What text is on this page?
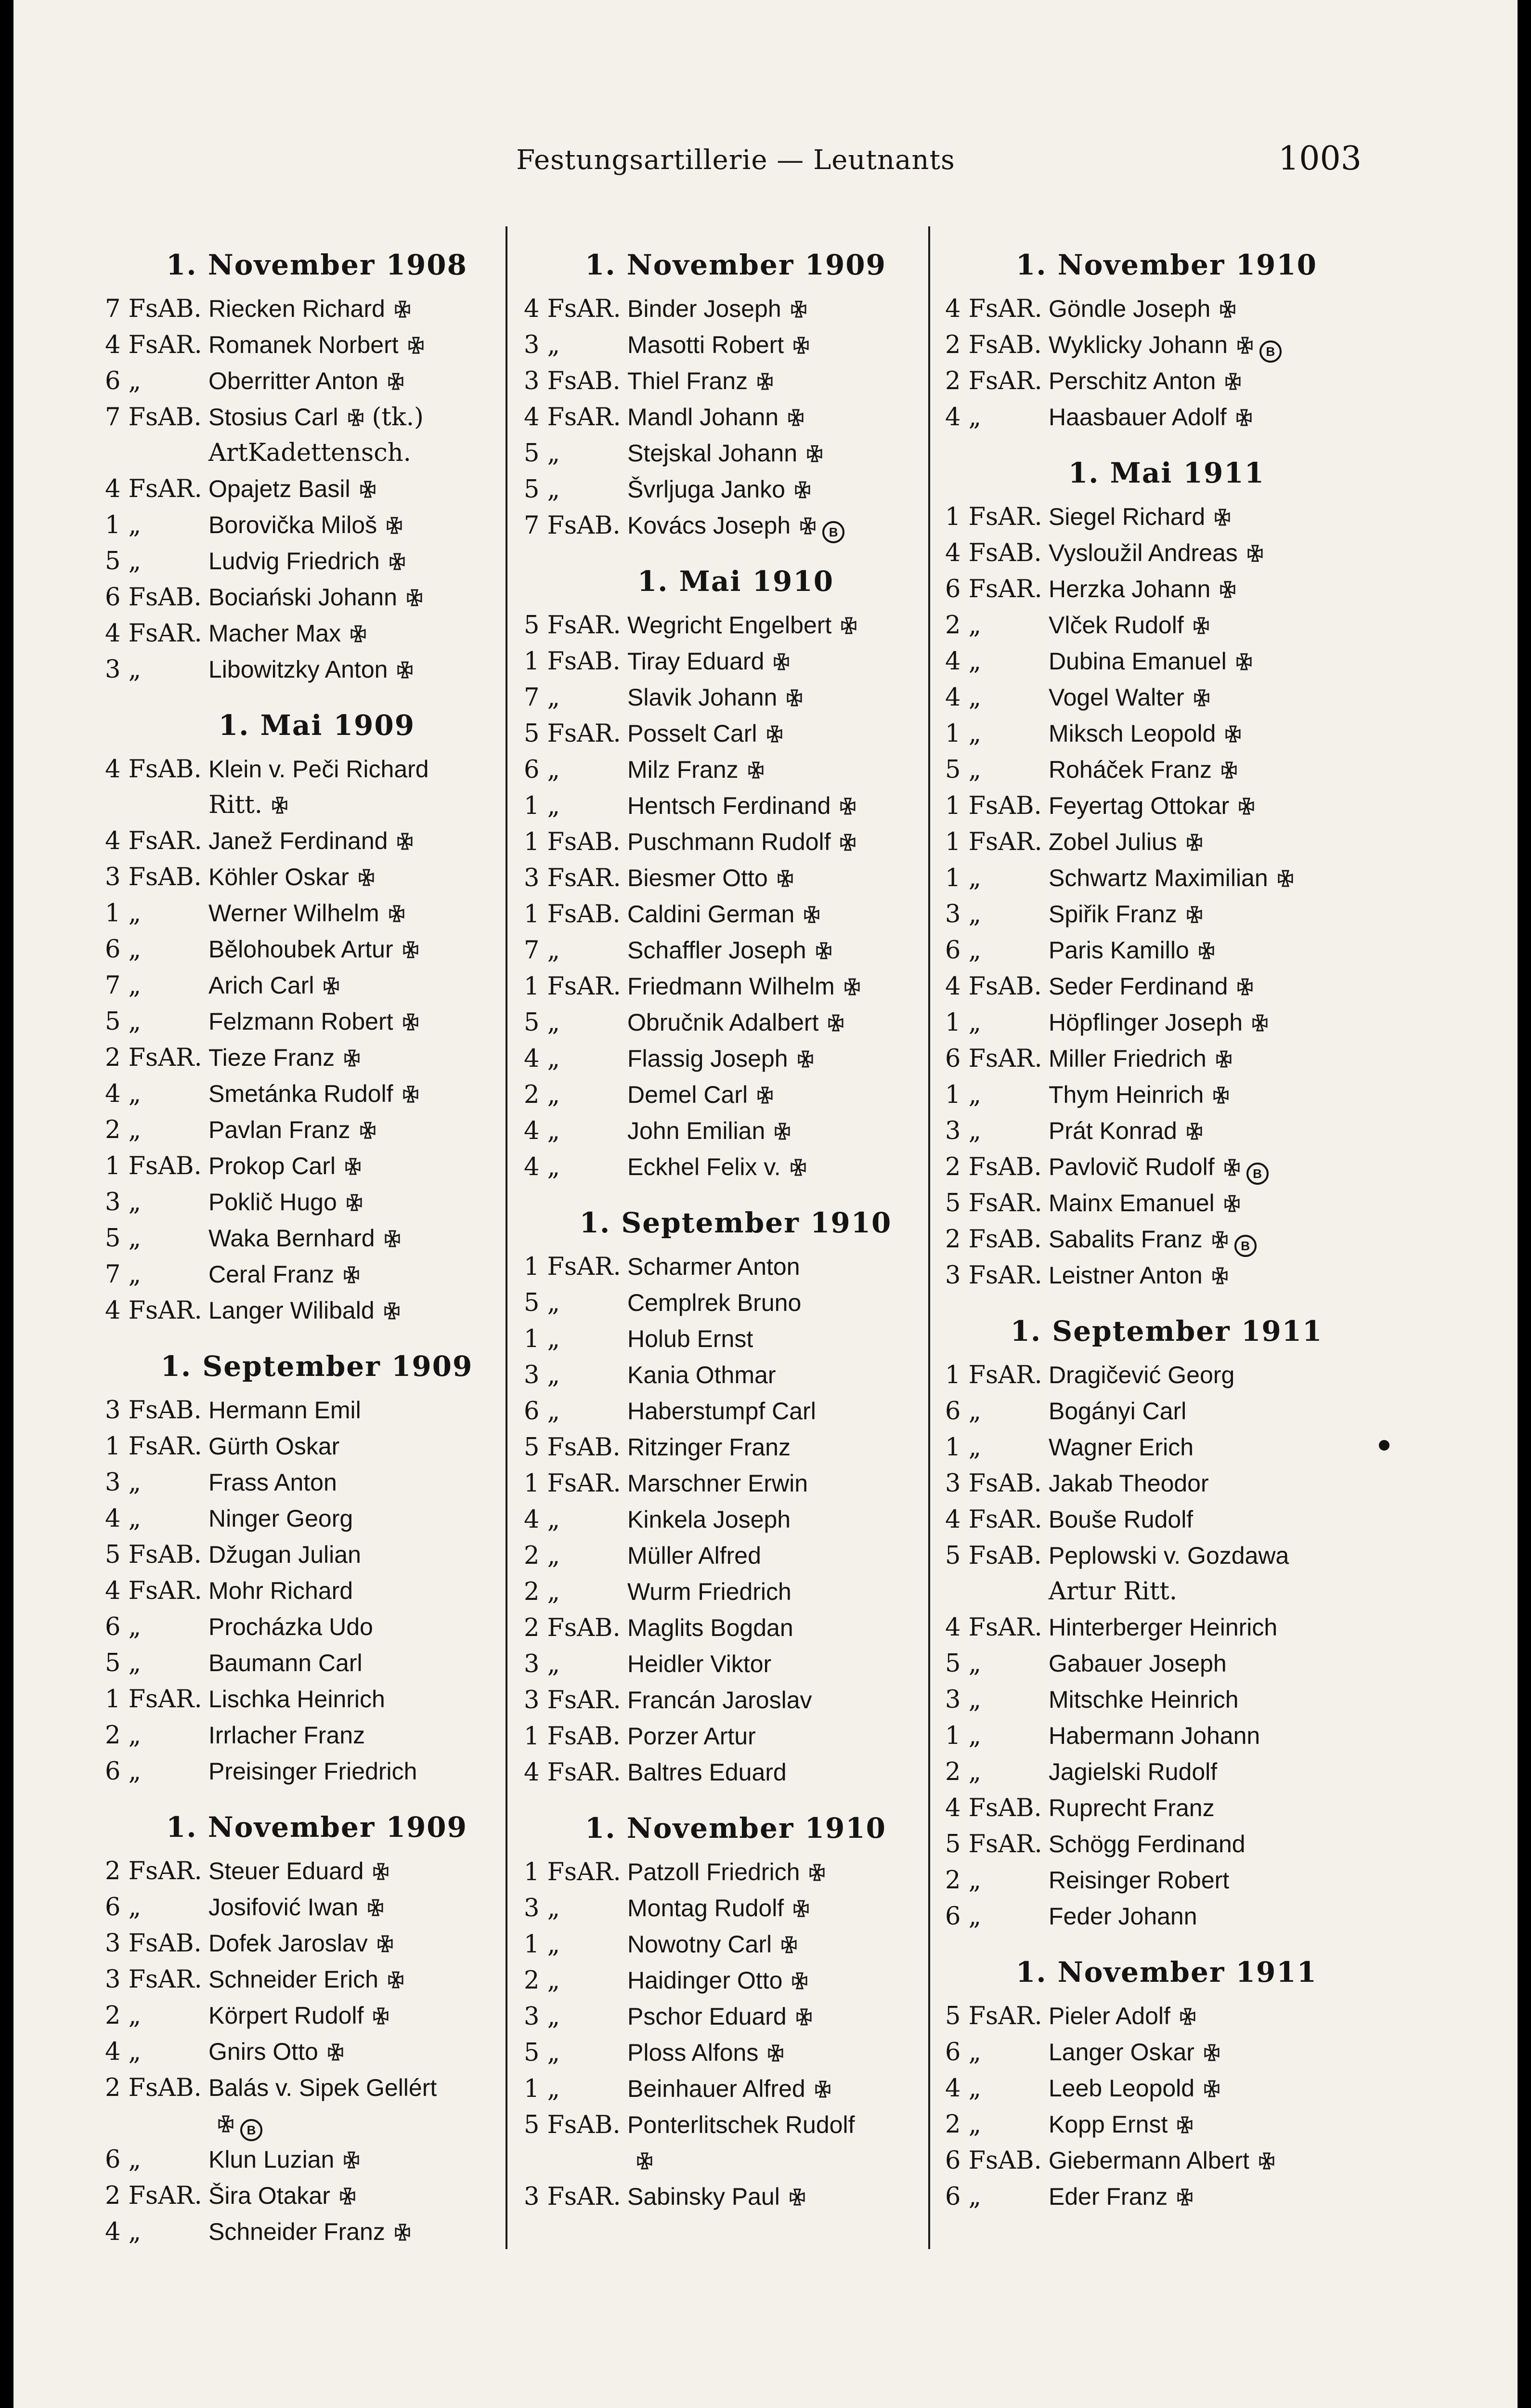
Festungsartillerie — Leutnants	1003
1. November 1908
7 FsAB. Riecken Richard
4 FsAR. Romanek Norbert
6 „	Oberritter Anton
7 FsAB. Stosius Carl (tk.)
ArtKadettensch.
4 FsAR. Opajetz Basil
1 „	Borovička Miloš
5 „	Ludvig Friedrich
6 FsAB. Bociański Johann
4 FsAR. Macher Max
3 „	Libowitzky Anton
1. Mai 1909
4 FsAB. Klein v. Peči Richard
Ritt.
4 FsAR. Janež Ferdinand
3 FsAB. Köhler Oskar
1 „	Werner Wilhelm
6 „	Bělohoubek Artur
7 „	Arich Carl
5 „	Felzmann Robert
2 FsAR. Tieze Franz
4 „	Smetánka Rudolf
2 „	Pavlan Franz
1 FsAB. Prokop Carl
3 „	Poklič Hugo
5 „	Waka Bernhard
7 „	Ceral Franz
4 FsAR. Langer Wilibald
1. September 1909
3 FsAB. Hermann Emil
1 FsAR. Gürth Oskar
3 „	Frass Anton
4 „	Ninger Georg
5 FsAB. Džugan Julian
4 FsAR. Mohr Richard
6 „	Procházka Udo
5 „	Baumann Carl
1 FsAR. Lischka Heinrich
2 „	Irrlacher Franz
6 „	Preisinger Friedrich
1. November 1909
2 FsAR. Steuer Eduard
6 „	Josifović Iwan
3 FsAB. Dofek Jaroslav
3 FsAR. Schneider Erich
2 „	Körpert Rudolf
4 „	Gnirs Otto
2 FsAB. Balás v. Sipek Gellért
B
6 „	Klun Luzian
2 FsAR. Šira Otakar
4 „	Schneider Franz
1. November 1909
4 FsAR. Binder Joseph
3 „	Masotti Robert
3 FsAB. Thiel Franz
4 FsAR. Mandl Johann
5 „	Stejskal Johann
5 „	Švrljuga Janko
7 FsAB. Kovács Joseph	B
1. Mai 1910
5 FsAR. Wegricht Engelbert
1 FsAB. Tiray Eduard
7 „	Slavik Johann
5 FsAR. Posselt Carl
6 „	Milz Franz
1 „	Hentsch Ferdinand
1 FsAB. Puschmann Rudolf
3 FsAR. Biesmer Otto
1 FsAB. Caldini German
7 „	Schaffler Joseph
1 FsAR. Friedmann Wilhelm
5 „	Obručnik Adalbert
4 „	Flassig Joseph
2 „	Demel Carl
4 „	John Emilian
4 „	Eckhel Felix v.
1. September 1910
1 FsAR. Scharmer Anton
5 „	Cemplrek Bruno
1 „	Holub Ernst
3 „	Kania Othmar
6 „	Haberstumpf Carl
5 FsAB. Ritzinger Franz
1 FsAR. Marschner Erwin
4 „	Kinkela Joseph
2 „	Müller Alfred
2 „	Wurm Friedrich
2 FsAB. Maglits Bogdan
3 „	Heidler Viktor
3 FsAR. Francán Jaroslav
1 FsAB. Porzer Artur
4 FsAR. Baltres Eduard
1. November 1910
1 FsAR. Patzoll Friedrich
3 „	Montag Rudolf
1 „	Nowotny Carl
2 „	Haidinger Otto
3 „	Pschor Eduard
5 „	Ploss Alfons
1 „	Beinhauer Alfred
5 FsAB. Ponterlitschek Rudolf
3 FsAR. Sabinsky Paul
1. November 1910
4 FsAR. Göndle Joseph
2 FsAB. Wyklicky Johann	B
2 FsAR. Perschitz Anton
4 „	Haasbauer Adolf
1. Mai 1911
1 FsAR. Siegel Richard
4 FsAB. Vysloužil Andreas
6 FsAR. Herzka Johann
2 „	Vlček Rudolf
4 „	Dubina Emanuel
4 „	Vogel Walter
1 „	Miksch Leopold
5 „	Roháček Franz
1 FsAB. Feyertag Ottokar
1 FsAR. Zobel Julius
1 „	Schwartz Maximilian
3 „	Spiřik Franz
6 „	Paris Kamillo
4 FsAB. Seder Ferdinand
1 „	Höpflinger Joseph
6 FsAR. Miller Friedrich
1 „	Thym Heinrich
3 „	Prát Konrad
2 FsAB. Pavlovič Rudolf	B
5 FsAR. Mainx Emanuel
2 FsAB. Sabalits Franz	B
3 FsAR. Leistner Anton
1. September 1911
1 FsAR. Dragičević Georg
6 „	Bogányi Carl
1 „	Wagner Erich
3 FsAB. Jakab Theodor
4 FsAR. Bouše Rudolf
5 FsAB. Peplowski v. Gozdawa
Artur Ritt.
4 FsAR. Hinterberger Heinrich
5 „	Gabauer Joseph
3 „	Mitschke Heinrich
1 „	Habermann Johann
2 „	Jagielski Rudolf
4 FsAB. Ruprecht Franz
5 FsAR. Schögg Ferdinand
2 „	Reisinger Robert
6 „	Feder Johann
1. November 1911
5 FsAR. Pieler Adolf
6 „	Langer Oskar
4 „	Leeb Leopold
2 „	Kopp Ernst
6 FsAB. Giebermann Albert
6 „	Eder Franz
